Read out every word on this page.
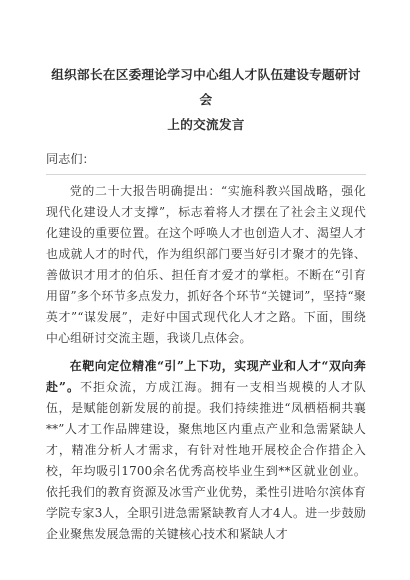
组织部长在区委理论学习中心组人才队伍建设专题研讨会
上的交流发言

同志们：

党的二十大报告明确提出：“实施科教兴国战略，强化现代化建设人才支撑”，标志着将人才摆在了社会主义现代化建设的重要位置。在这个呼唤人才也创造人才、渴望人才也成就人才的时代，作为组织部门要当好引才聚才的先锋、善做识才用才的伯乐、担任育才爱才的掌柜。不断在“引育用留”多个环节多点发力，抓好各个环节“关键词”，坚持“聚英才”“谋发展”，走好中国式现代化人才之路。下面，围绕中心组研讨交流主题，我谈几点体会。

在靶向定位精准“引”上下功，实现产业和人才“双向奔赴”。不拒众流，方成江海。拥有一支相当规模的人才队伍，是赋能创新发展的前提。我们持续推进“凤栖梧桐共襄**”人才工作品牌建设，聚焦地区内重点产业和急需紧缺人才，精准分析人才需求，有针对性地开展校企合作措企入校，年均吸引1700余名优秀高校毕业生到**区就业创业。依托我们的教育资源及冰雪产业优势，柔性引进哈尔滨体育学院专家3人，全职引进急需紧缺教育人才4人。进一步鼓励企业聚焦发展急需的关键核心技术和紧缺人才
